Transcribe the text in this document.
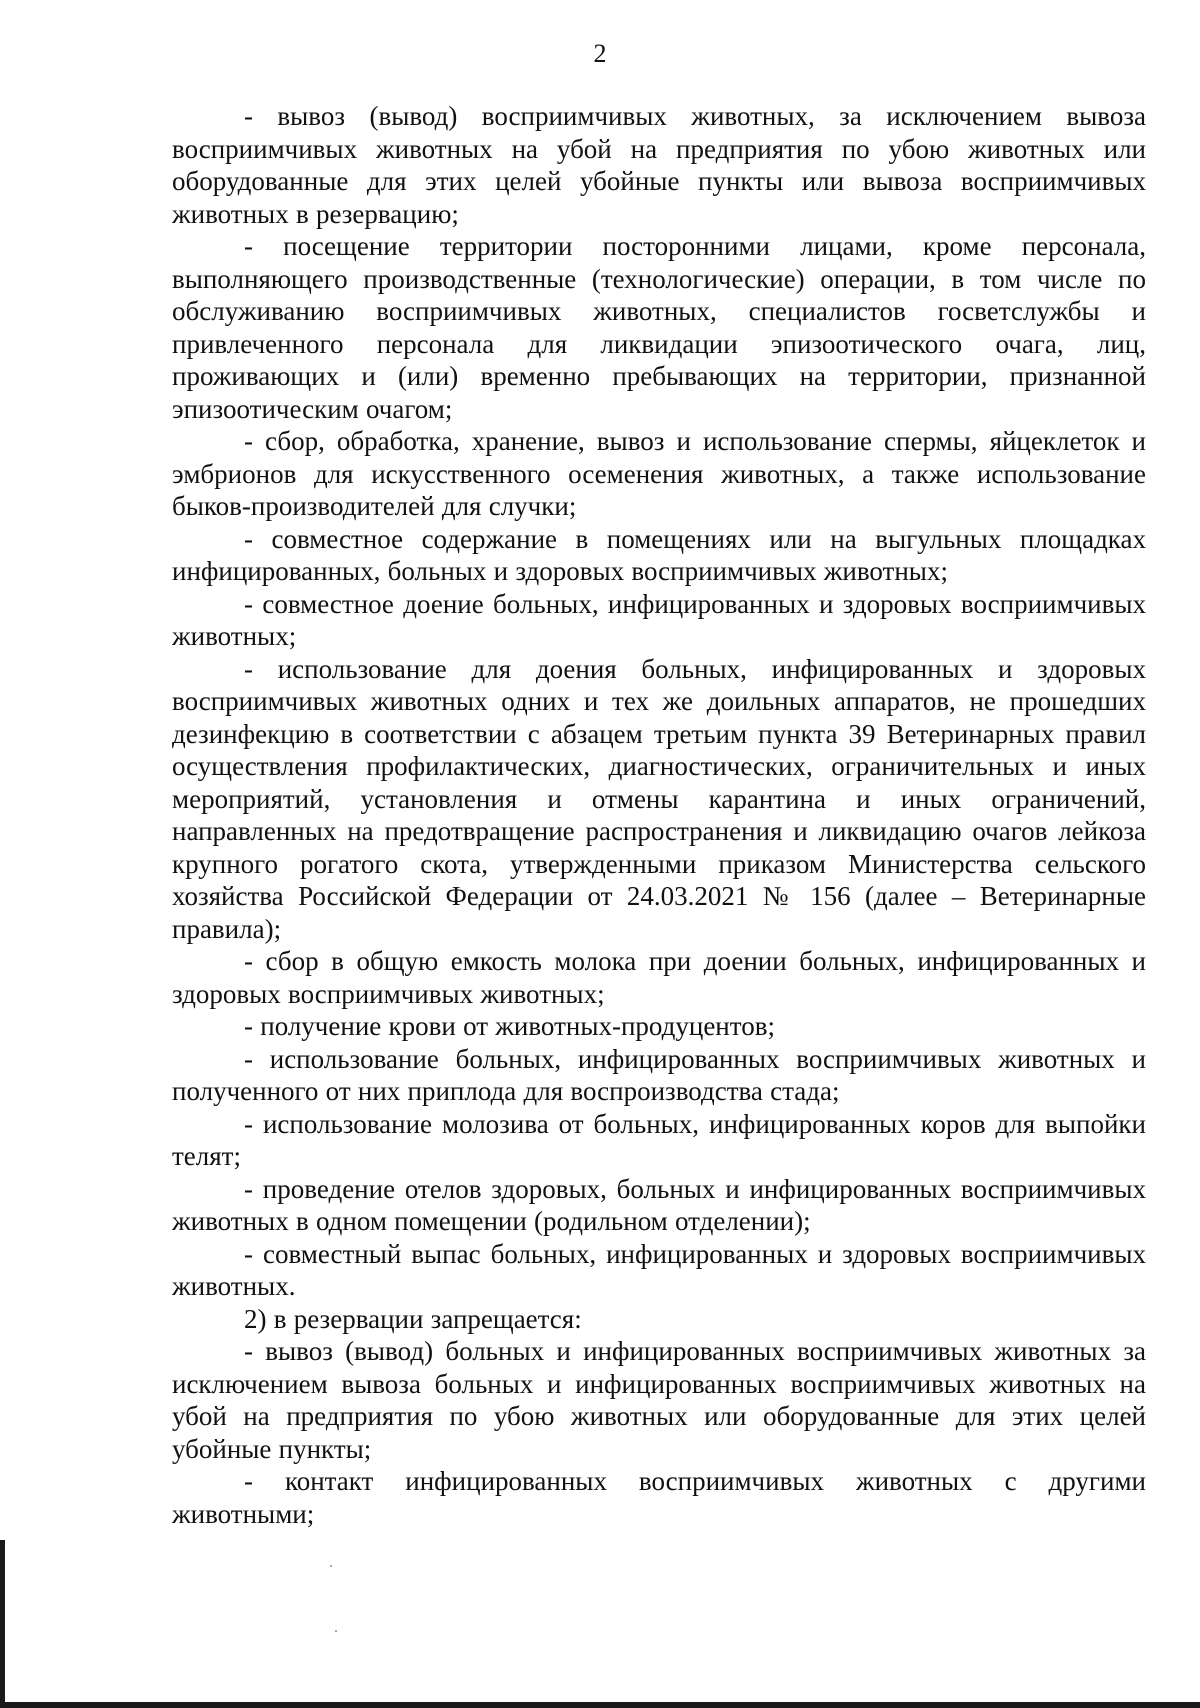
2

- вывоз (вывод) восприимчивых животных, за исключением вывоза восприимчивых животных на убой на предприятия по убою животных или оборудованные для этих целей убойные пункты или вывоза восприимчивых животных в резервацию;

- посещение территории посторонними лицами, кроме персонала, выполняющего производственные (технологические) операции, в том числе по обслуживанию восприимчивых животных, специалистов госветслужбы и привлеченного персонала для ликвидации эпизоотического очага, лиц, проживающих и (или) временно пребывающих на территории, признанной эпизоотическим очагом;

- сбор, обработка, хранение, вывоз и использование спермы, яйцеклеток и эмбрионов для искусственного осеменения животных, а также использование быков-производителей для случки;

- совместное содержание в помещениях или на выгульных площадках инфицированных, больных и здоровых восприимчивых животных;

- совместное доение больных, инфицированных и здоровых восприимчивых животных;

- использование для доения больных, инфицированных и здоровых восприимчивых животных одних и тех же доильных аппаратов, не прошедших дезинфекцию в соответствии с абзацем третьим пункта 39 Ветеринарных правил осуществления профилактических, диагностических, ограничительных и иных мероприятий, установления и отмены карантина и иных ограничений, направленных на предотвращение распространения и ликвидацию очагов лейкоза крупного рогатого скота, утвержденными приказом Министерства сельского хозяйства Российской Федерации от 24.03.2021 № 156 (далее – Ветеринарные правила);

- сбор в общую емкость молока при доении больных, инфицированных и здоровых восприимчивых животных;

- получение крови от животных-продуцентов;

- использование больных, инфицированных восприимчивых животных и полученного от них приплода для воспроизводства стада;

- использование молозива от больных, инфицированных коров для выпойки телят;

- проведение отелов здоровых, больных и инфицированных восприимчивых животных в одном помещении (родильном отделении);

- совместный выпас больных, инфицированных и здоровых восприимчивых животных.

2) в резервации запрещается:

- вывоз (вывод) больных и инфицированных восприимчивых животных за исключением вывоза больных и инфицированных восприимчивых животных на убой на предприятия по убою животных или оборудованные для этих целей убойные пункты;

- контакт инфицированных восприимчивых животных с другими животными;
